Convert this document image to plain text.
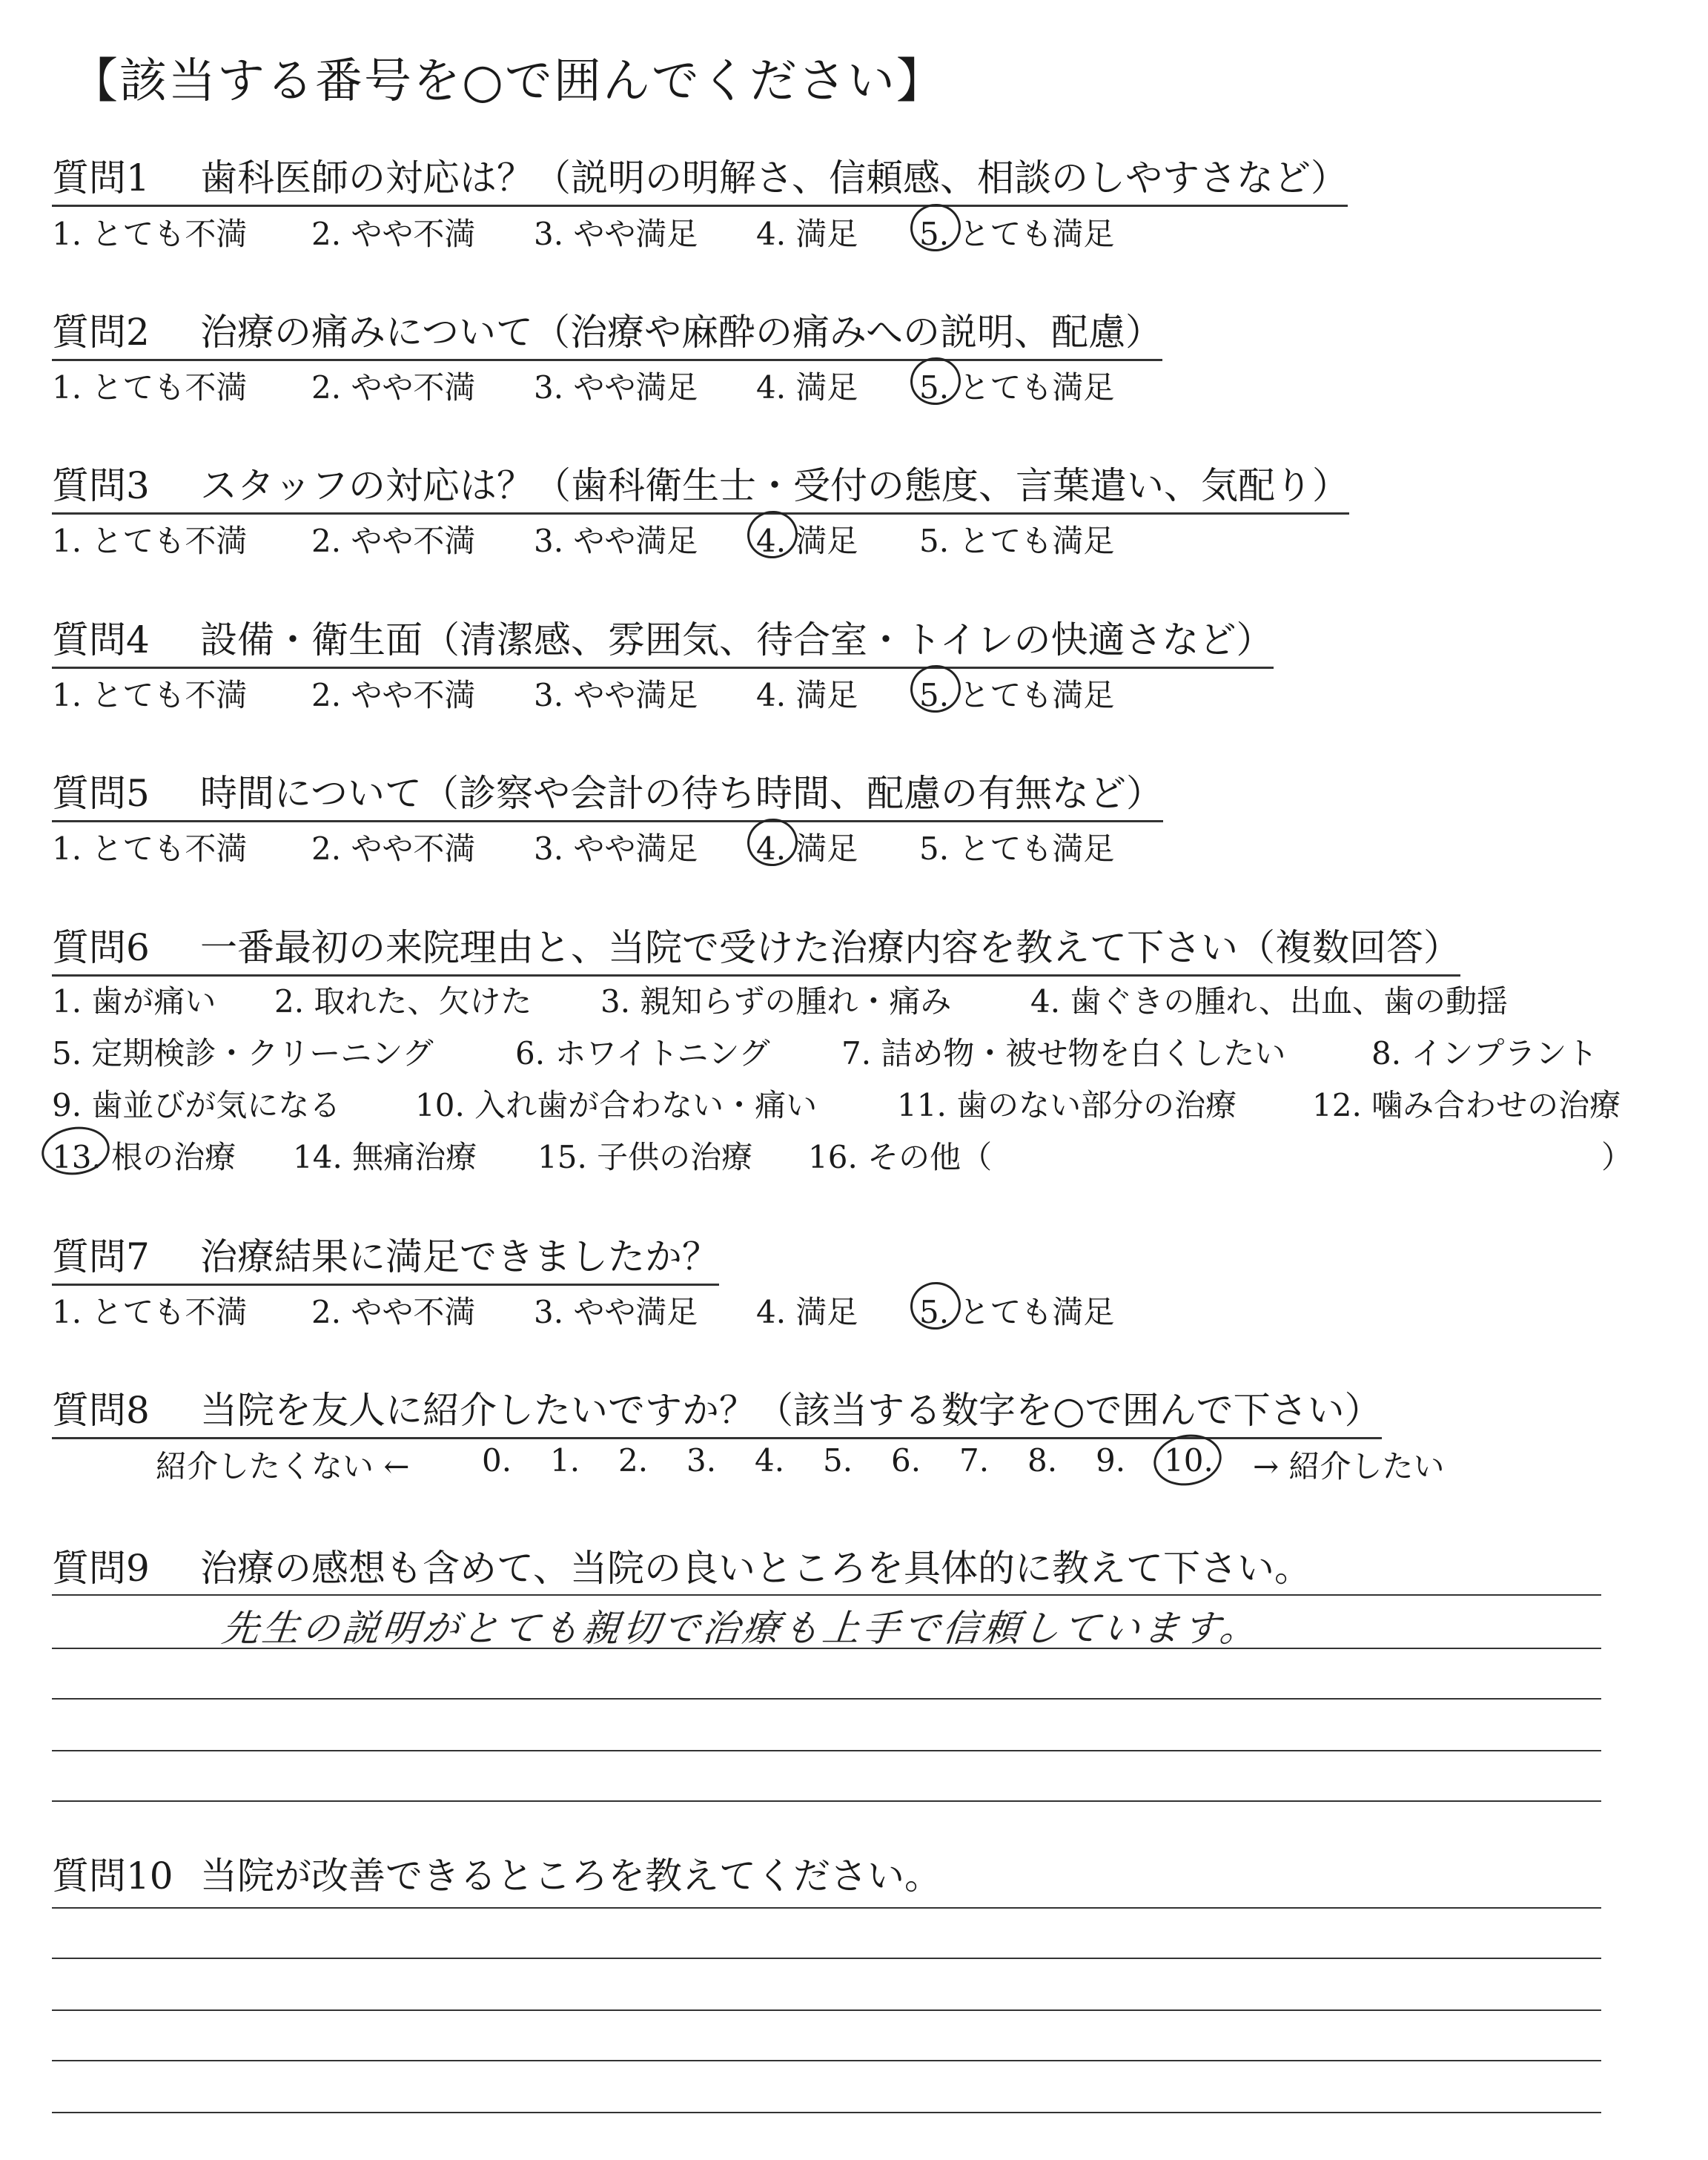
【該当する番号を○で囲んでください】
質問1 歯科医師の対応は？（説明の明解さ、信頼感、相談のしやすさなど）
1. とても不満 2. やや不満 3. やや満足 4. 満足 5. とても満足
質問2 治療の痛みについて（治療や麻酔の痛みへの説明、配慮）
1. とても不満 2. やや不満 3. やや満足 4. 満足 5. とても満足
質問3 スタッフの対応は？（歯科衛生士・受付の態度、言葉遣い、気配り）
1. とても不満 2. やや不満 3. やや満足 4. 満足 5. とても満足
質問4 設備・衛生面（清潔感、雰囲気、待合室・トイレの快適さなど）
1. とても不満 2. やや不満 3. やや満足 4. 満足 5. とても満足
質問5 時間について（診察や会計の待ち時間、配慮の有無など）
1. とても不満 2. やや不満 3. やや満足 4. 満足 5. とても満足
質問6 一番最初の来院理由と、当院で受けた治療内容を教えて下さい（複数回答）
1. 歯が痛い 2. 取れた、欠けた 3. 親知らずの腫れ・痛み	4. 歯ぐきの腫れ、出血、歯の動揺
5. 定期検診・クリーニング	6. ホワイトニング 7. 詰め物・被せ物を白くしたい	8. インプラント
9. 歯並びが気になる 10. 入れ歯が合わない・痛い	11. 歯のない部分の治療 12. 噛み合わせの治療
13. 根の治療 14. 無痛治療 15. 子供の治療 16. その他（	）
質問7 治療結果に満足できましたか？
1. とても不満 2. やや不満 3. やや満足 4. 満足 5. とても満足
質問8 当院を友人に紹介したいですか？（該当する数字を○で囲んで下さい）
紹介したくない ← 0. 1. 2. 3. 4. 5. 6. 7. 8. 9. 10. → 紹介したい
質問9 治療の感想も含めて、当院の良いところを具体的に教えて下さい。
先生の説明がとても親切で治療も上手で信頼しています。
質問10 当院が改善できるところを教えてください。
